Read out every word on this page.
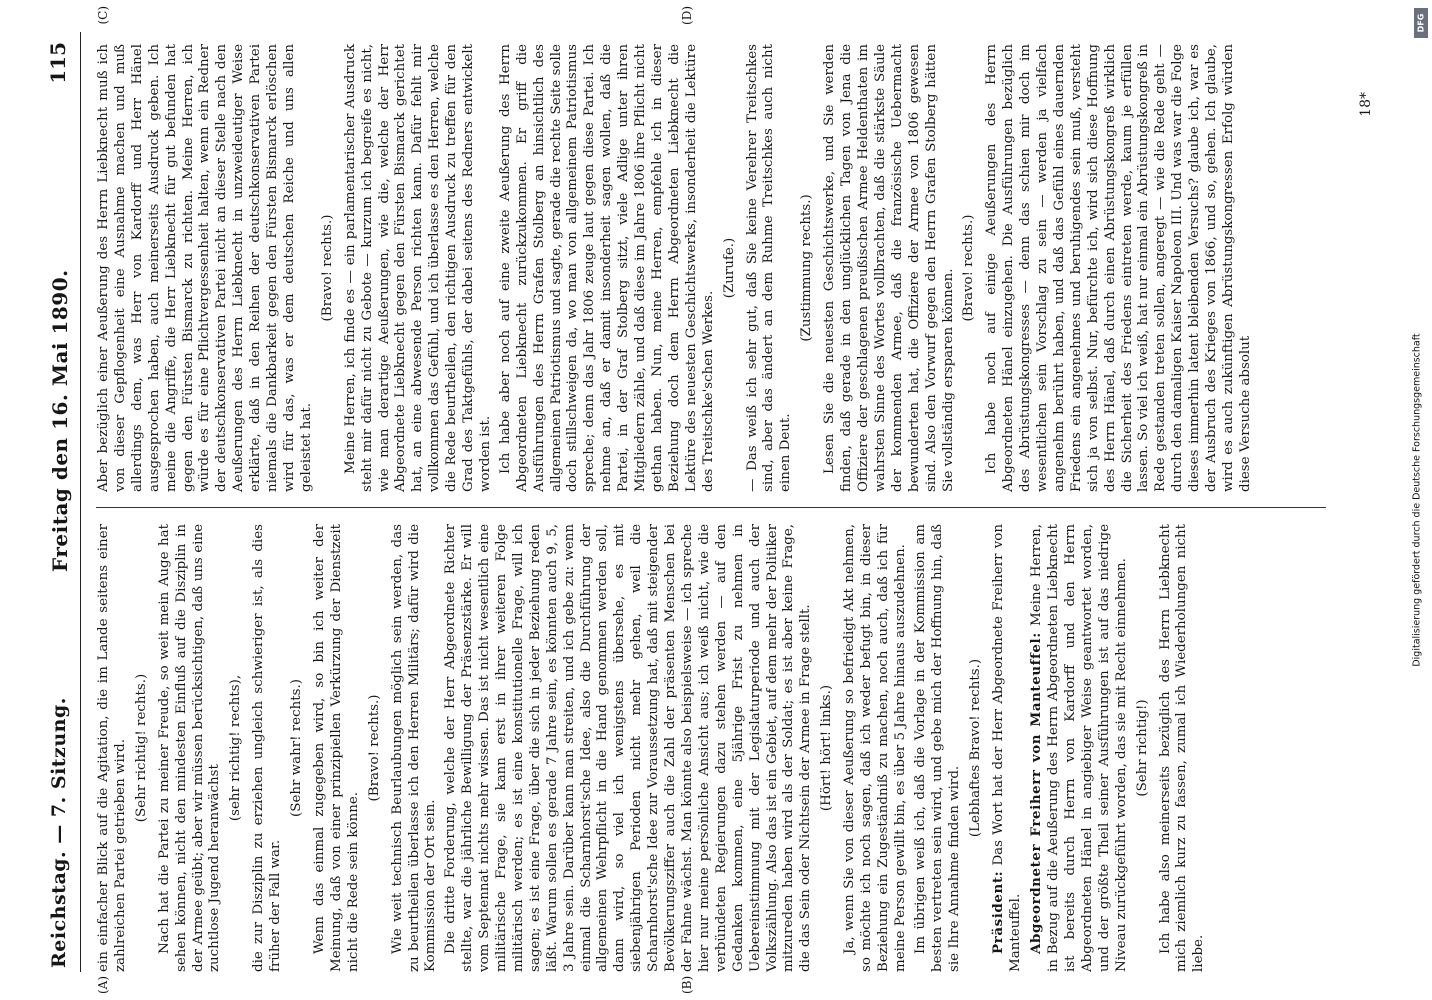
Reichstag. — 7. Sitzung.
Freitag den 16. Mai 1890.
115
(A)	(B)
(C)	(D)

ein einfacher Blick auf die Agitation, die im Lande seitens einer zahlreichen Partei getrieben wird. (Sehr richtig! rechts.) Nach hat die Partei zu meiner Freude, so weit mein Auge hat sehen können, nicht den mindesten Einfluß auf die Disziplin in der Armee geübt; aber wir müssen berücksichtigen, daß uns eine zuchtlose Jugend heranwächst

(sehr richtig! rechts), die zur Disziplin zu erziehen ungleich schwieriger ist, als dies früher der Fall war.

(Sehr wahr! rechts.) Wenn das einmal zugegeben wird, so bin ich weiter der Meinung, daß von einer prinzipiellen Verkürzung der Dienstzeit nicht die Rede sein könne.

(Bravo! rechts.) Wie weit technisch Beurlaubungen möglich sein werden, das zu beurtheilen überlasse ich den Herren Militärs; dafür wird die Kommission der Ort sein. Die dritte Forderung, welche der Herr Abgeordnete Richter stellte, war die jährliche Bewilligung der Präsenzstärke. Er will vom Septennat nichts mehr wissen. Das ist nicht wesentlich eine militärische Frage, sie kann erst in ihrer weiteren Folge militärisch werden; es ist eine konstitutionelle Frage, will ich sagen; es ist eine Frage, über die sich in jeder Beziehung reden läßt. Warum sollen es gerade 7 Jahre sein, es könnten auch 9, 5, 3 Jahre sein. Darüber kann man streiten, und ich gebe zu: wenn einmal die Scharnhorst'sche Idee, also die Durchführung der allgemeinen Wehrpflicht in die Hand genommen werden soll, dann wird, so viel ich wenigstens übersehe, es mit siebenjährigen Perioden nicht mehr gehen, weil die Scharnhorst'sche Idee zur Voraussetzung hat, daß mit steigender Bevölkerungsziffer auch die Zahl der präsenten Menschen bei der Fahne wächst. Man könnte also beispielsweise — ich spreche hier nur meine persönliche Ansicht aus; ich weiß nicht, wie die verbündeten Regierungen dazu stehen werden — auf den Gedanken kommen, eine 5jährige Frist zu nehmen in Uebereinstimmung mit der Legislaturperiode und auch der Volkszählung. Also das ist ein Gebiet, auf dem mehr der Politiker mitzureden haben wird als der Soldat; es ist aber keine Frage, die das Sein oder Nichtsein der Armee in Frage stellt. (Hört! hört! links.) Ja, wenn Sie von dieser Aeußerung so befriedigt Akt nehmen, so möchte ich noch sagen, daß ich weder befugt bin, in dieser Beziehung ein Zugeständniß zu machen, noch auch, daß ich für meine Person gewillt bin, es über 5 Jahre hinaus auszudehnen. Im übrigen weiß ich, daß die Vorlage in der Kommission am besten vertreten sein wird, und gebe mich der Hoffnung hin, daß sie Ihre Annahme finden wird.

(Lebhaftes Bravo! rechts.)

Präsident: Das Wort hat der Herr Abgeordnete Freiherr von Manteuffel. Abgeordneter Freiherr von Manteuffel: Meine Herren, in Bezug auf die Aeußerung des Herrn Abgeordneten Liebknecht ist bereits durch Herrn von Kardorff und den Herrn Abgeordneten Hänel in angiebiger Weise geantwortet worden, und der größte Theil seiner Ausführungen ist auf das niedrige Niveau zurückgeführt worden, das sie mit Recht einnehmen. (Sehr richtig!) Ich habe also meinerseits bezüglich des Herrn Liebknecht mich ziemlich kurz zu fassen, zumal ich Wiederholungen nicht liebe.

Aber bezüglich einer Aeußerung des Herrn Liebknecht muß ich von dieser Gepflogenheit eine Ausnahme machen und muß allerdings dem, was Herr von Kardorff und Herr Hänel ausgesprochen haben, auch meinerseits Ausdruck geben. Ich meine die Angriffe, die Herr Liebknecht für gut befunden hat gegen den Fürsten Bismarck zu richten. Meine Herren, ich würde es für eine Pflichtvergessenheit halten, wenn ein Redner der deutschkonservativen Partei nicht an dieser Stelle nach den Aeußerungen des Herrn Liebknecht in unzweideutiger Weise erklärte, daß in den Reihen der deutschkonservativen Partei niemals die Dankbarkeit gegen den Fürsten Bismarck erlöschen wird für das, was er dem deutschen Reiche und uns allen geleistet hat.

(Bravo! rechts.) Meine Herren, ich finde es — ein parlamentarischer Ausdruck steht mir dafür nicht zu Gebote — kurzum ich begreife es nicht, wie man derartige Aeußerungen, wie die, welche der Herr Abgeordnete Liebknecht gegen den Fürsten Bismarck gerichtet hat, an eine abwesende Person richten kann. Dafür fehlt mir vollkommen das Gefühl, und ich überlasse es den Herren, welche die Rede beurtheilen, den richtigen Ausdruck zu treffen für den Grad des Taktgefühls, der dabei seitens des Redners entwickelt worden ist. Ich habe aber noch auf eine zweite Aeußerung des Herrn Abgeordneten Liebknecht zurückzukommen. Er griff die Ausführungen des Herrn Grafen Stolberg an hinsichtlich des allgemeinen Patriotismus und sagte, gerade die rechte Seite solle doch stillschweigen da, wo man von allgemeinem Patriotismus spreche; denn das Jahr 1806 zeuge laut gegen diese Partei. Ich nehme an, daß er damit insonderheit sagen wollen, daß die Partei, in der Graf Stolberg sitzt, viele Adlige unter ihren Mitgliedern zähle, und daß diese im Jahre 1806 ihre Pflicht nicht gethan haben. Nun, meine Herren, empfehle ich in dieser Beziehung doch dem Herrn Abgeordneten Liebknecht die Lektüre des neuesten Geschichtswerks, insonderheit die Lektüre des Treitschke'schen Werkes.

(Zurufe.) — Das weiß ich sehr gut, daß Sie keine Verehrer Treitschkes sind, aber das ändert an dem Ruhme Treitschkes auch nicht einen Deut.

(Zustimmung rechts.) Lesen Sie die neuesten Geschichtswerke, und Sie werden finden, daß gerade in den unglücklichen Tagen von Jena die Offiziere der geschlagenen preußischen Armee Heldenthaten im wahrsten Sinne des Wortes vollbrachten, daß die stärkste Säule der kommenden Armee, daß die französische Uebermacht bewunderten hat, die Offiziere der Armee von 1806 gewesen sind. Also den Vorwurf gegen den Herrn Grafen Stolberg hätten Sie vollständig ersparen können.

(Bravo! rechts.) Ich habe noch auf einige Aeußerungen des Herrn Abgeordneten Hänel einzugehen. Die Ausführungen bezüglich des Abrüstungskongresses — denn das schien mir doch im wesentlichen sein Vorschlag zu sein — werden ja vielfach angenehm berührt haben, und daß das Gefühl eines dauernden Friedens ein angenehmes und beruhigendes sein muß, versteht sich ja von selbst. Nur, befürchte ich, wird sich diese Hoffnung des Herrn Hänel, daß durch einen Abrüstungskongreß wirklich die Sicherheit des Friedens eintreten werde, kaum je erfüllen lassen. So viel ich weiß, hat nur einmal ein Abrüstungskongreß in Rede gestanden treten sollen, angeregt — wie die Rede geht — durch den damaligen Kaiser Napoleon III. Und was war die Folge dieses immerhin latent bleibenden Versuchs? glaube ich, war es der Ausbruch des Krieges von 1866, und so, gehen. Ich glaube, wird es auch zukünftigen Abrüstungskongressen Erfolg würden diese Versuche absolut

18*
Digitalisierung gefördert durch die Deutsche Forschungsgemeinschaft
DFG
